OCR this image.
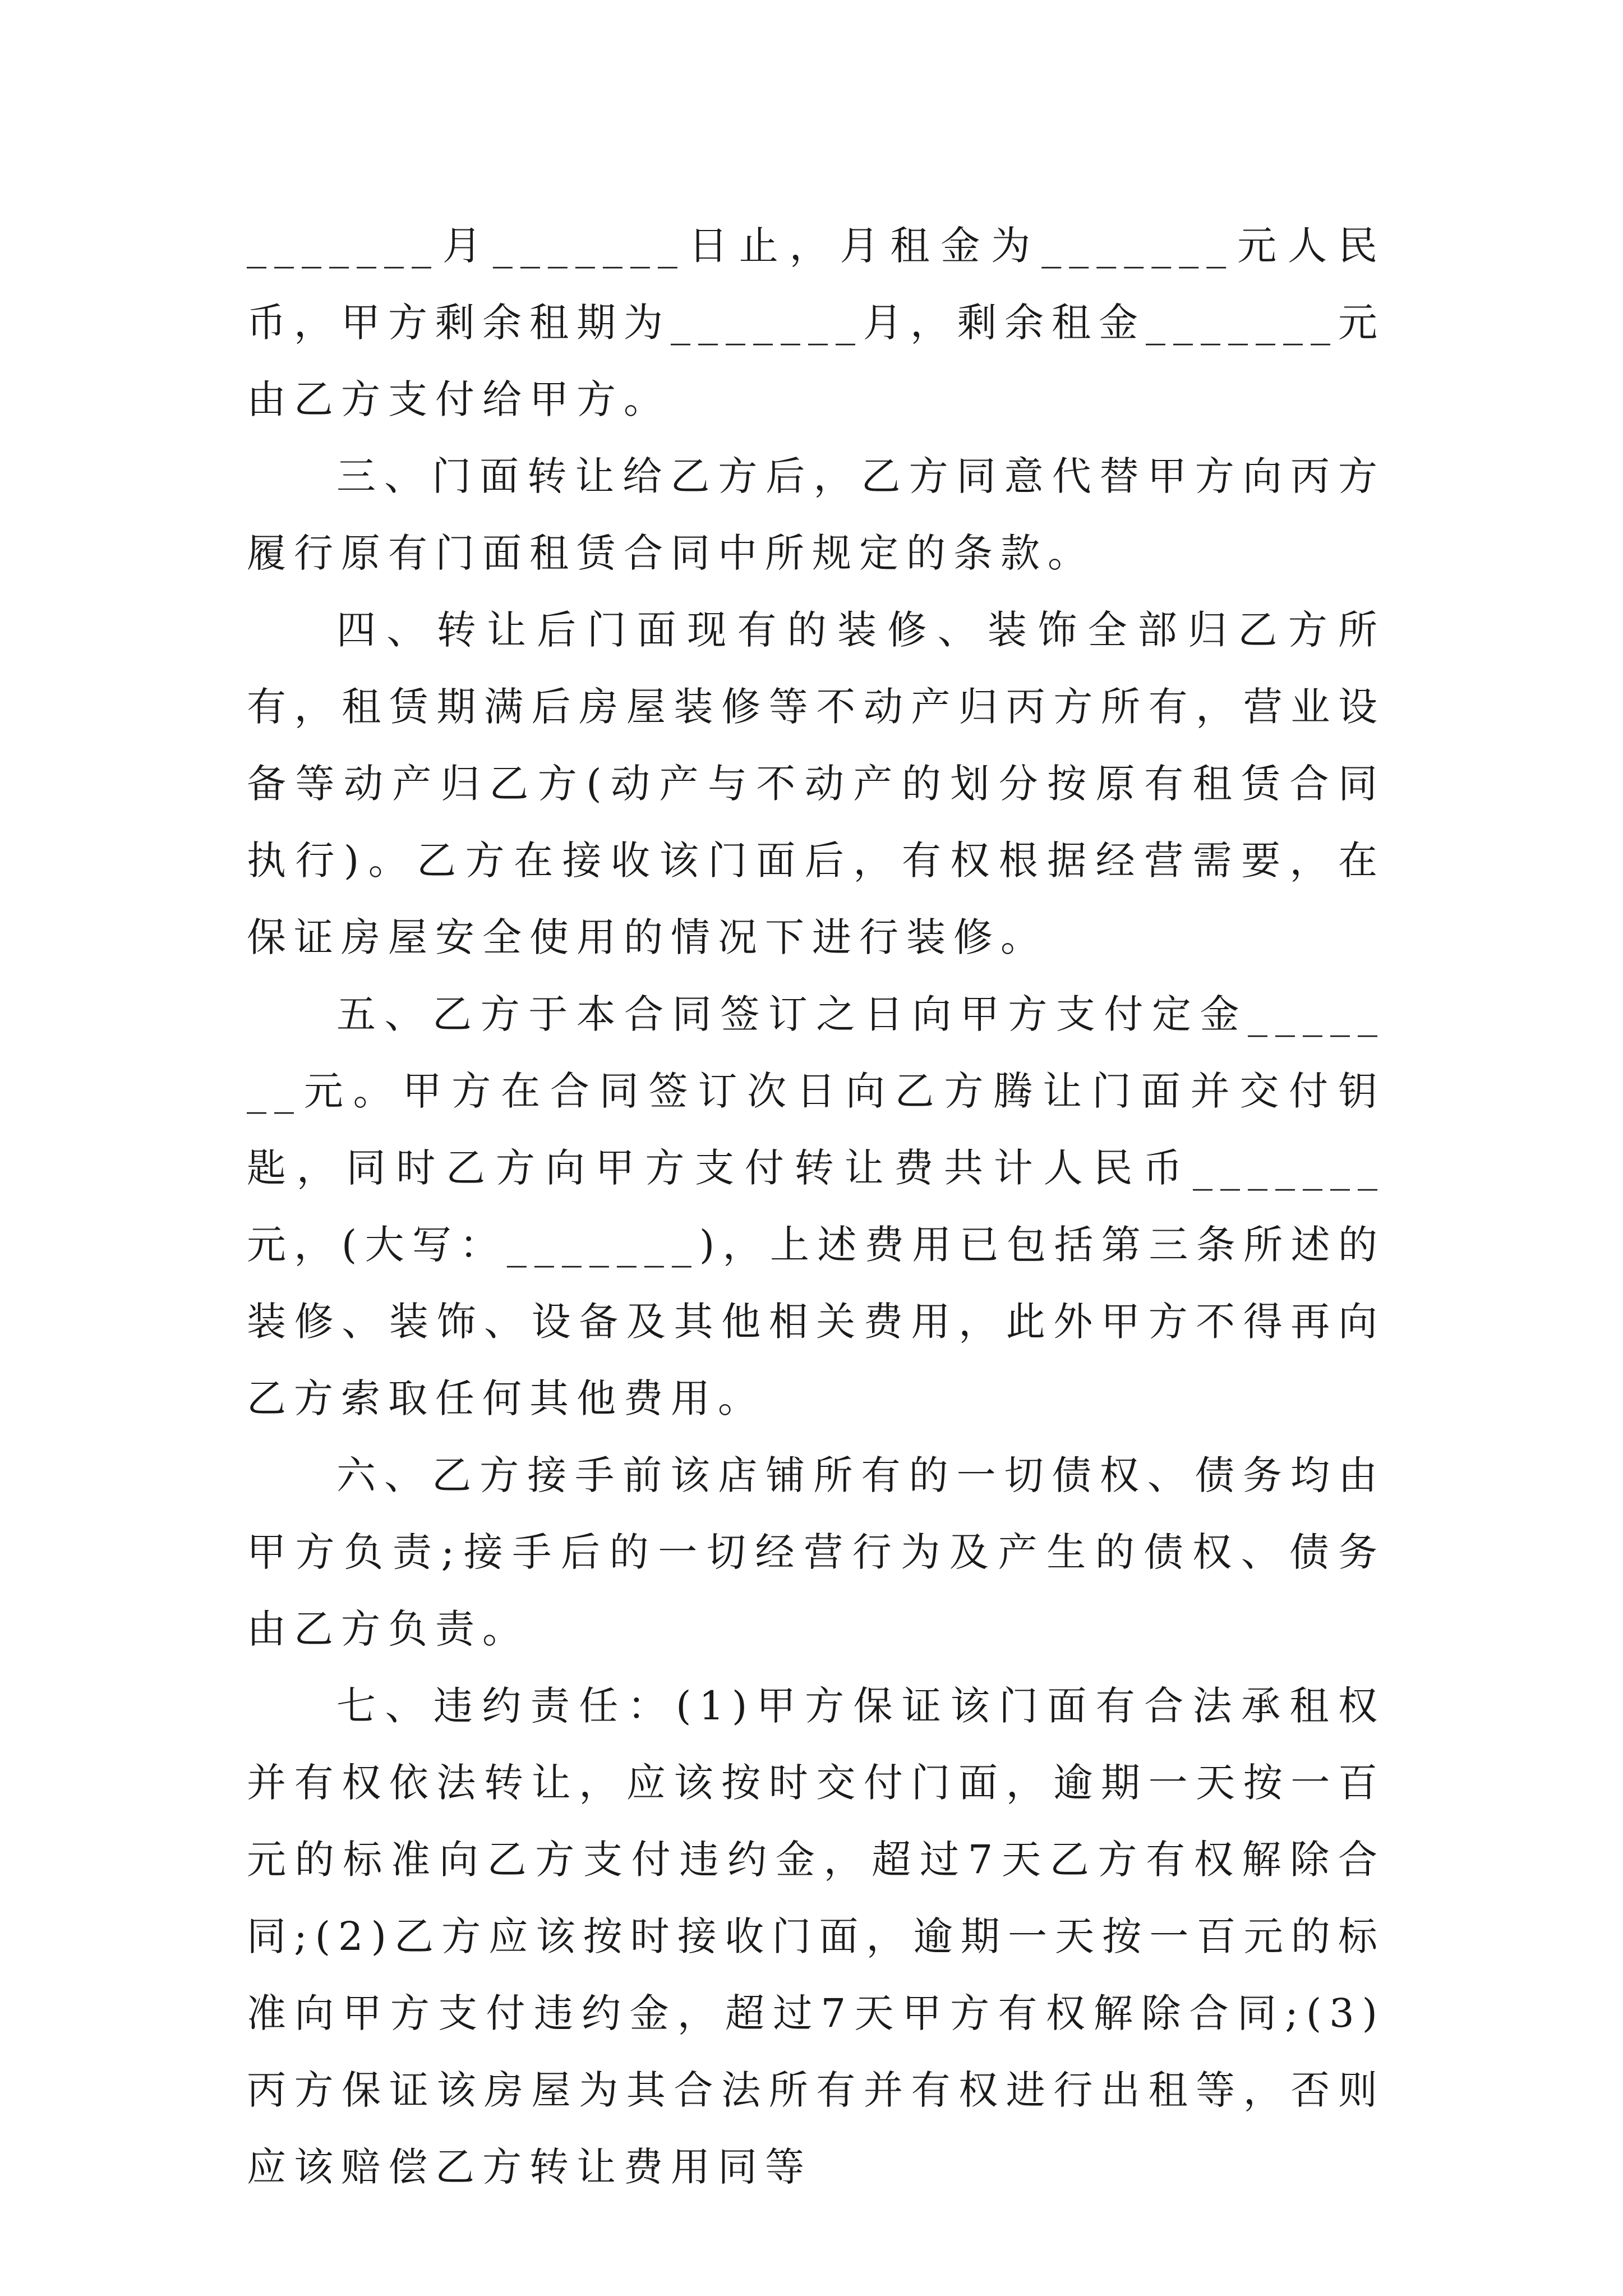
_______月_______日止，月租金为_______元人民币，甲方剩余租期为_______月，剩余租金_______元由乙方支付给甲方。

三、门面转让给乙方后，乙方同意代替甲方向丙方履行原有门面租赁合同中所规定的条款。

四、转让后门面现有的装修、装饰全部归乙方所有，租赁期满后房屋装修等不动产归丙方所有，营业设备等动产归乙方(动产与不动产的划分按原有租赁合同执行)。乙方在接收该门面后，有权根据经营需要，在保证房屋安全使用的情况下进行装修。

五、乙方于本合同签订之日向甲方支付定金_______元。甲方在合同签订次日向乙方腾让门面并交付钥匙，同时乙方向甲方支付转让费共计人民币_______元，(大写：_______)，上述费用已包括第三条所述的装修、装饰、设备及其他相关费用，此外甲方不得再向乙方索取任何其他费用。

六、乙方接手前该店铺所有的一切债权、债务均由甲方负责;接手后的一切经营行为及产生的债权、债务由乙方负责。

七、违约责任：(1)甲方保证该门面有合法承租权并有权依法转让，应该按时交付门面，逾期一天按一百元的标准向乙方支付违约金，超过7天乙方有权解除合同;(2)乙方应该按时接收门面，逾期一天按一百元的标准向甲方支付违约金，超过7天甲方有权解除合同;(3)丙方保证该房屋为其合法所有并有权进行出租等，否则应该赔偿乙方转让费用同等
